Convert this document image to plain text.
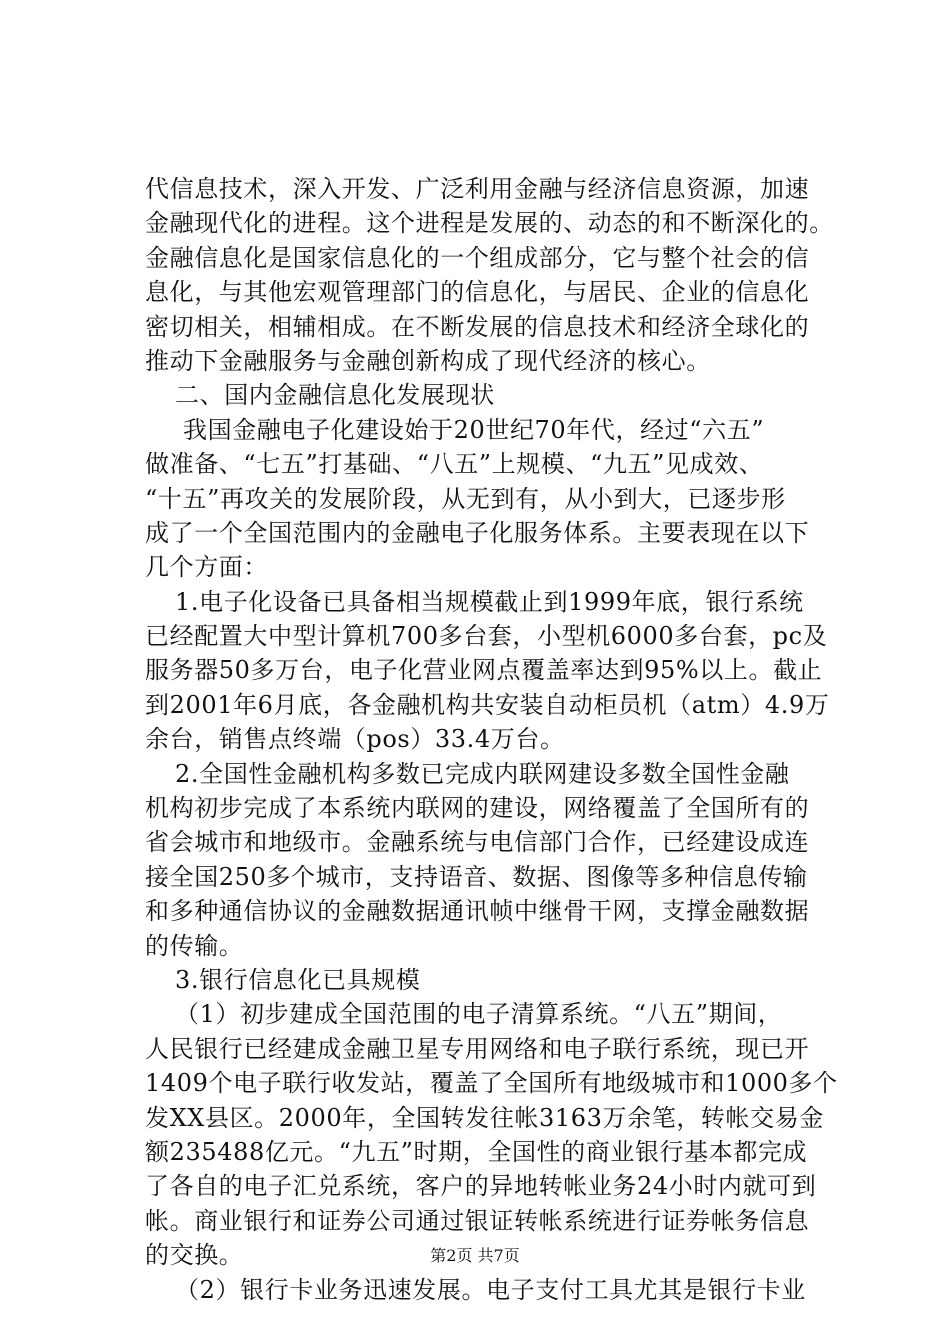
代信息技术，深入开发、广泛利用金融与经济信息资源，加速
金融现代化的进程。这个进程是发展的、动态的和不断深化的。
金融信息化是国家信息化的一个组成部分，它与整个社会的信
息化，与其他宏观管理部门的信息化，与居民、企业的信息化
密切相关，相辅相成。在不断发展的信息技术和经济全球化的
推动下金融服务与金融创新构成了现代经济的核心。
二、国内金融信息化发展现状
我国金融电子化建设始于20世纪70年代，经过“六五”
做准备、“七五”打基础、“八五”上规模、“九五”见成效、
“十五”再攻关的发展阶段，从无到有，从小到大，已逐步形
成了一个全国范围内的金融电子化服务体系。主要表现在以下
几个方面：
1.电子化设备已具备相当规模截止到1999年底，银行系统
已经配置大中型计算机700多台套，小型机6000多台套，pc及
服务器50多万台，电子化营业网点覆盖率达到95%以上。截止
到2001年6月底，各金融机构共安装自动柜员机（atm）4.9万
余台，销售点终端（pos）33.4万台。
2.全国性金融机构多数已完成内联网建设多数全国性金融
机构初步完成了本系统内联网的建设，网络覆盖了全国所有的
省会城市和地级市。金融系统与电信部门合作，已经建设成连
接全国250多个城市，支持语音、数据、图像等多种信息传输
和多种通信协议的金融数据通讯帧中继骨干网，支撑金融数据
的传输。
3.银行信息化已具规模
（1）初步建成全国范围的电子清算系统。“八五”期间，
人民银行已经建成金融卫星专用网络和电子联行系统，现已开
1409个电子联行收发站，覆盖了全国所有地级城市和1000多个
发XX县区。2000年，全国转发往帐3163万余笔，转帐交易金
额235488亿元。“九五”时期，全国性的商业银行基本都完成
了各自的电子汇兑系统，客户的异地转帐业务24小时内就可到
帐。商业银行和证券公司通过银证转帐系统进行证券帐务信息
的交换。
（2）银行卡业务迅速发展。电子支付工具尤其是银行卡业
第2页 共7页
